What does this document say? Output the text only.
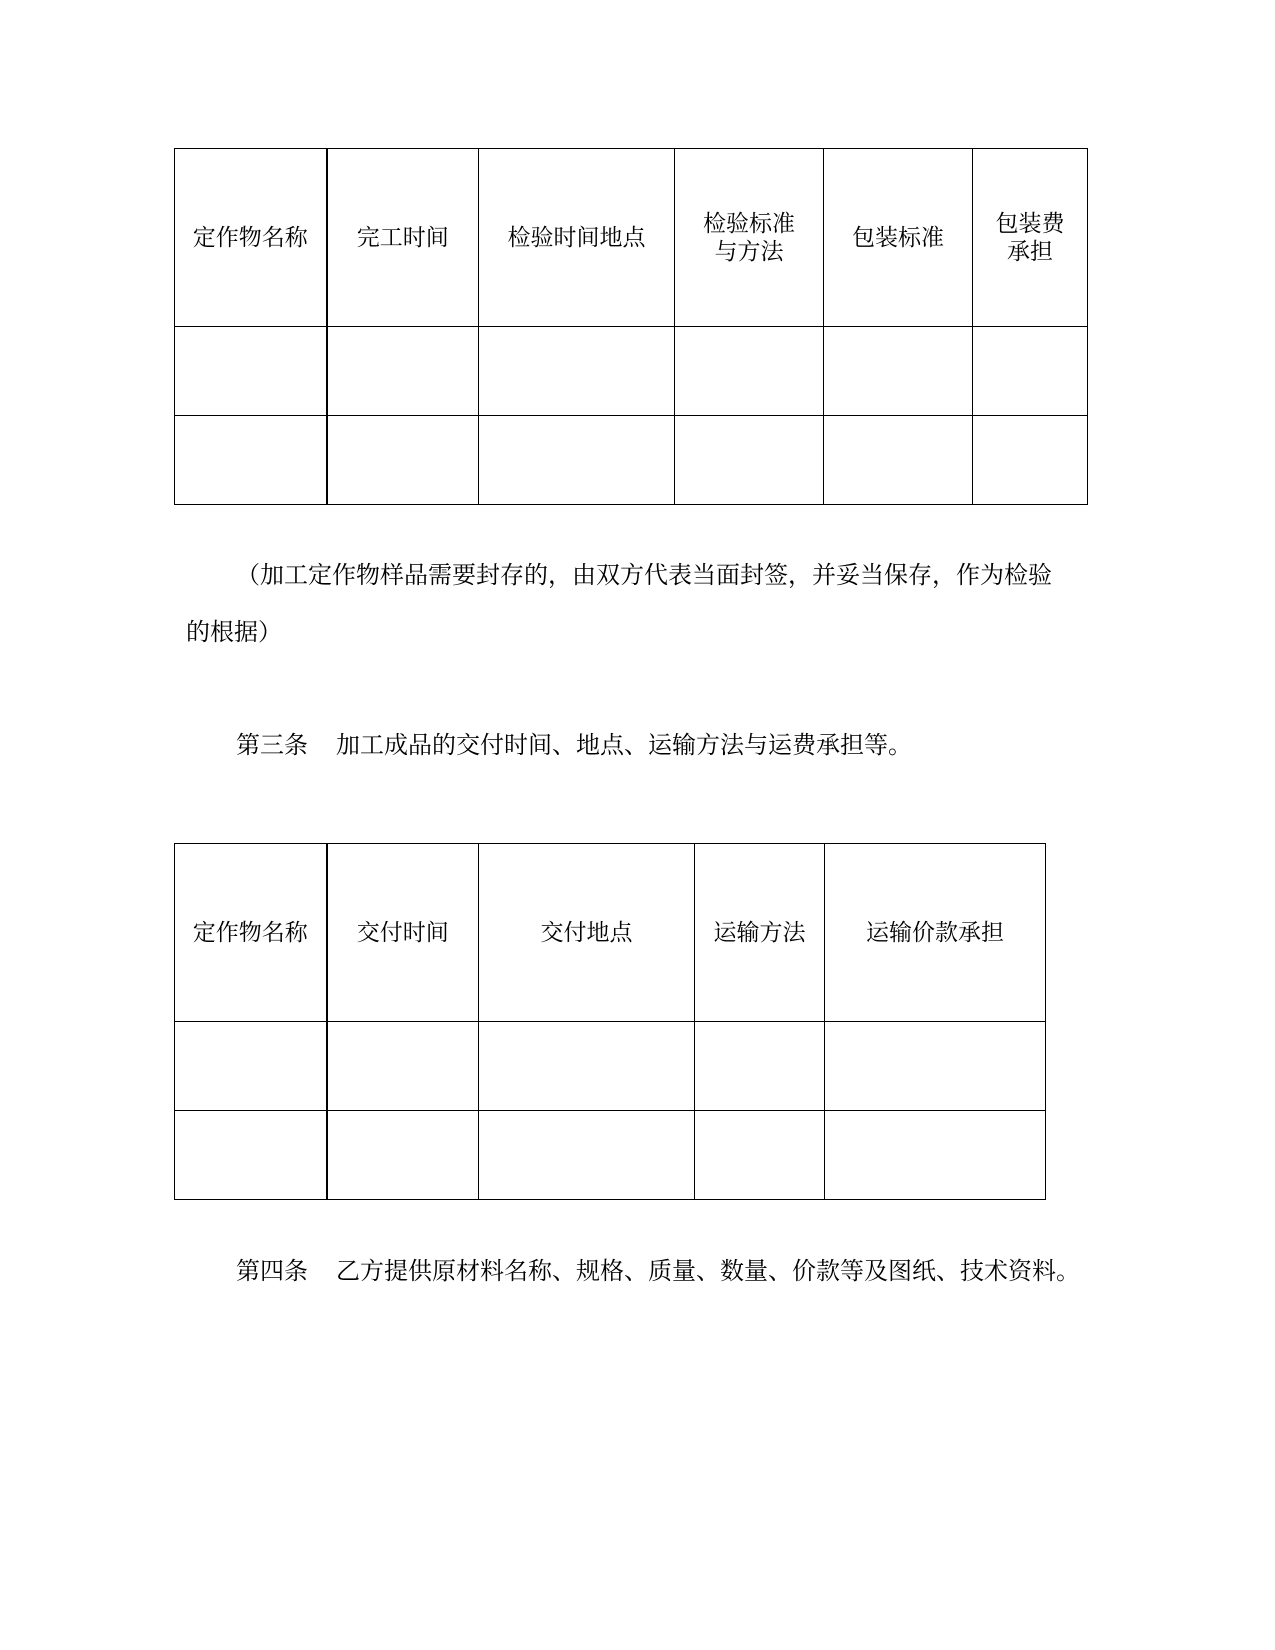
定作物名称	完工时间	检验时间地点	检验标准与方法	包装标准	包装费承担

（加工定作物样品需要封存的，由双方代表当面封签，并妥当保存，作为检验
的根据）
第三条 加工成品的交付时间、地点、运输方法与运费承担等。
定作物名称	交付时间	交付地点	运输方法	运输价款承担

第四条 乙方提供原材料名称、规格、质量、数量、价款等及图纸、技术资料。
